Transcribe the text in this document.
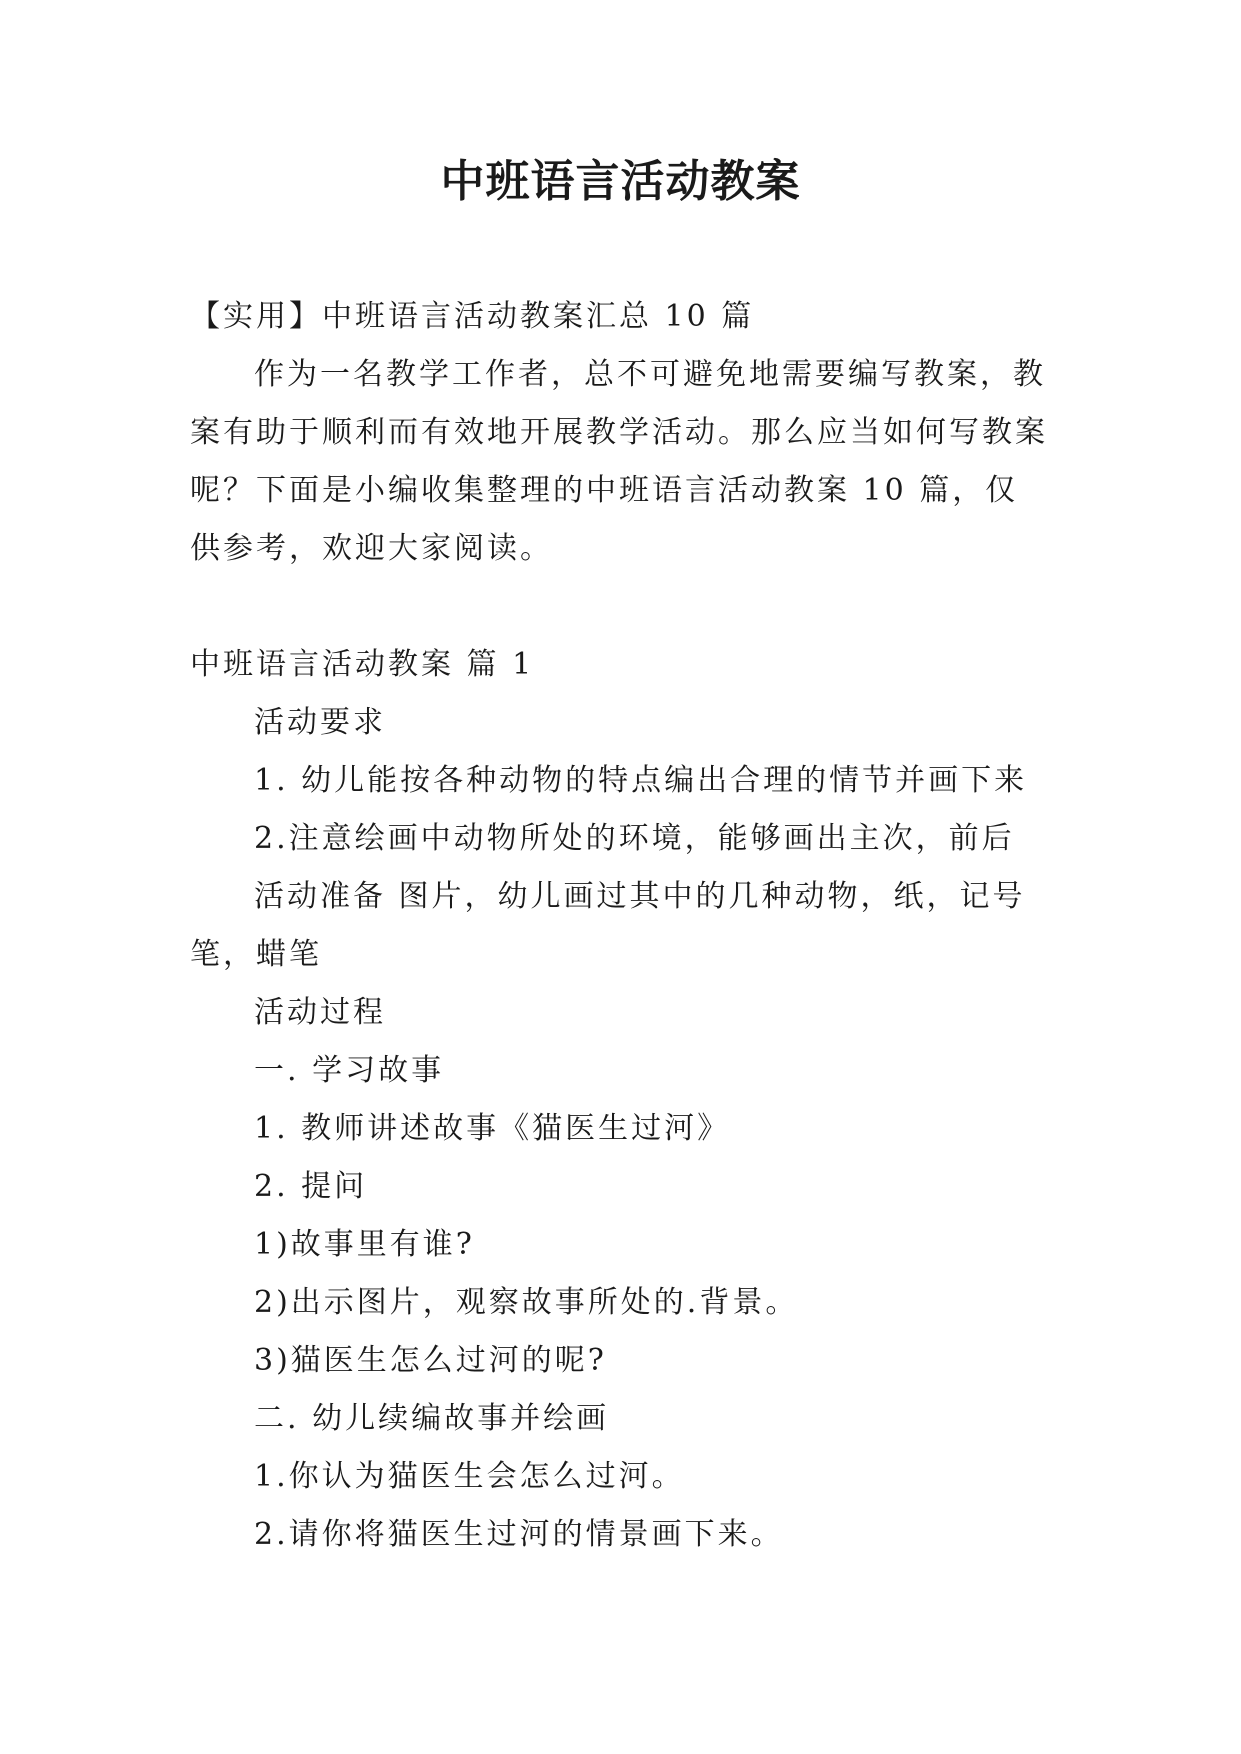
中班语言活动教案

【实用】中班语言活动教案汇总 10 篇

作为一名教学工作者，总不可避免地需要编写教案，教案有助于顺利而有效地开展教学活动。那么应当如何写教案呢？下面是小编收集整理的中班语言活动教案 10 篇，仅供参考，欢迎大家阅读。

中班语言活动教案 篇 1

活动要求

1. 幼儿能按各种动物的特点编出合理的情节并画下来

2.注意绘画中动物所处的环境，能够画出主次，前后

活动准备 图片，幼儿画过其中的几种动物，纸，记号笔，蜡笔

活动过程

一. 学习故事

1. 教师讲述故事《猫医生过河》

2. 提问

1)故事里有谁?

2)出示图片，观察故事所处的.背景。

3)猫医生怎么过河的呢?

二. 幼儿续编故事并绘画

1.你认为猫医生会怎么过河。

2.请你将猫医生过河的情景画下来。
